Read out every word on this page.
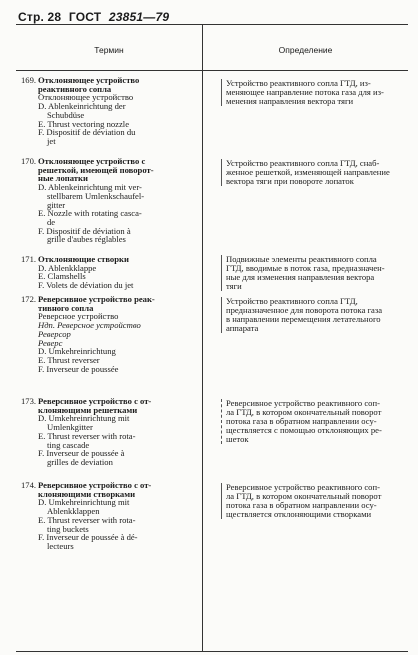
Стр. 28 ГОСТ 23851—79
Термин	Определение
169. Отклоняющее устройство
реактивного сопла
Отклоняющее устройство
D. Ablenkeinrichtung der
Schubdüse
E. Thrust vectoring nozzle
F. Dispositif de déviation du
jet
Устройство реактивного сопла ГТД, из-
меняющее направление потока газа для из-
менения направления вектора тяги
170. Отклоняющее устройство с
решеткой, имеющей поворот-
ные лопатки
D. Ablenkeinrichtung mit ver-
stellbarem Umlenkschaufel-
gitter
E. Nozzle with rotating casca-
de
F. Dispositif de déviation à
grille d'aubes réglables
Устройство реактивного сопла ГТД, снаб-
женное решеткой, изменяющей направление
вектора тяги при повороте лопаток
171. Отклоняющие створки
D. Ablenkklappe
E. Clamshells
F. Volets de déviation du jet
Подвижные элементы реактивного сопла
ГТД, вводимые в поток газа, предназначен-
ные для изменения направления вектора
тяги
172. Реверсивное устройство реак-
тивного сопла
Реверсное устройство
Ндп. Реверсное устройство
Реверсор
Реверс
D. Umkehreinrichtung
E. Thrust reverser
F. Inverseur de poussée
Устройство реактивного сопла ГТД,
предназначенное для поворота потока газа
в направлении перемещения летательного
аппарата
173. Реверсивное устройство с от-
клоняющими решетками
D. Umkehreinrichtung mit
Umlenkgitter
E. Thrust reverser with rota-
ting cascade
F. Inverseur de poussée à
grilles de deviation
Реверсивное устройство реактивного соп-
ла ГТД, в котором окончательный поворот
потока газа в обратном направлении осу-
ществляется с помощью отклоняющих ре-
шеток
174. Реверсивное устройство с от-
клоняющими створками
D. Umkehreinrichtung mit
Ablenkklappen
E. Thrust reverser with rota-
ting buckets
F. Inverseur de poussée à dé-
lecteurs
Реверсивное устройство реактивного соп-
ла ГТД, в котором окончательный поворот
потока газа в обратном направлении осу-
ществляется отклоняющими створками
